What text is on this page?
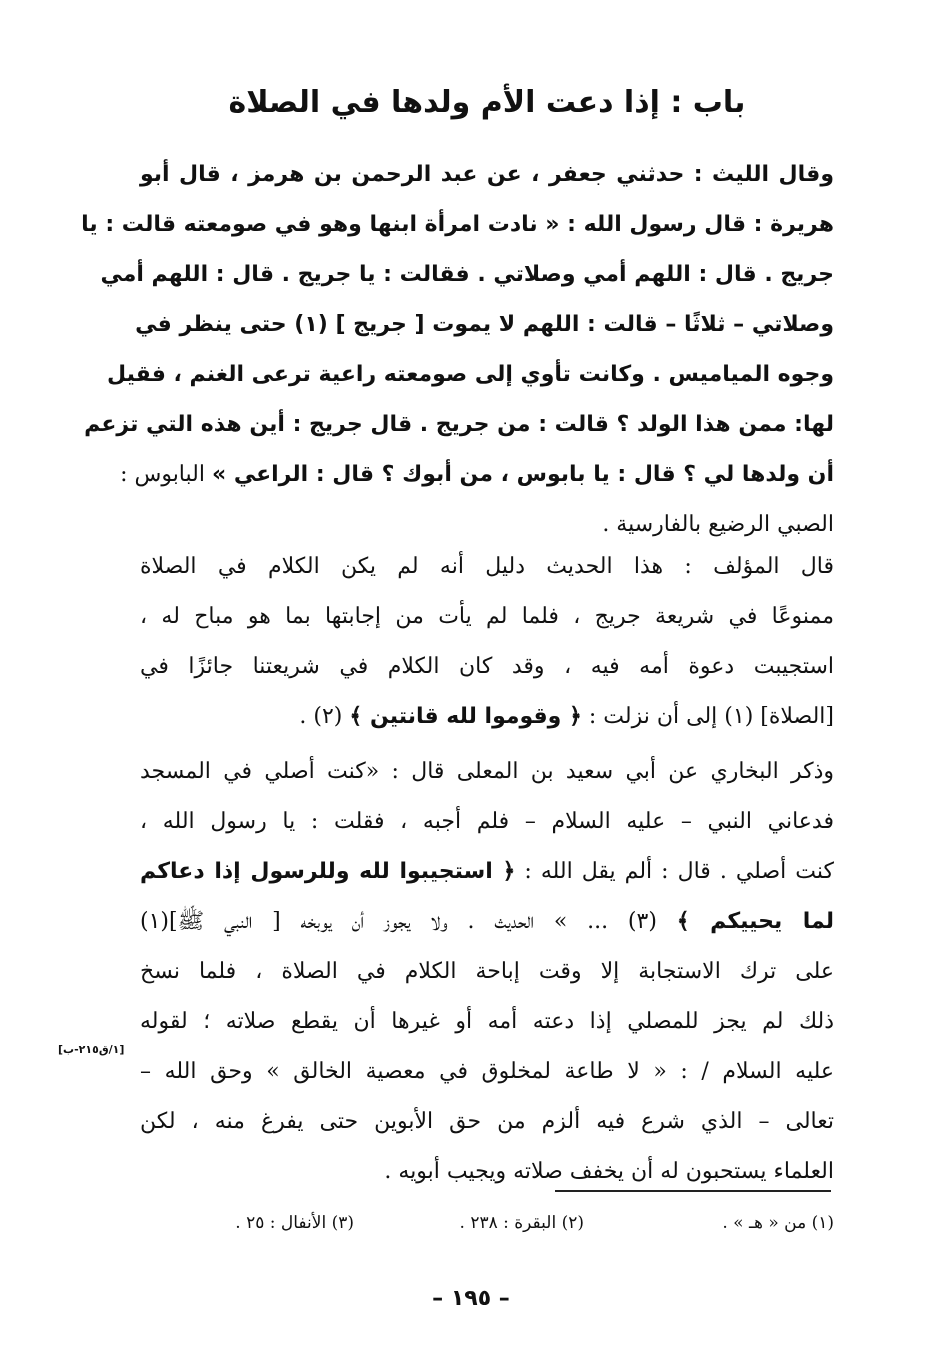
باب : إذا دعت الأم ولدها في الصلاة
وقال الليث : حدثني جعفر ، عن عبد الرحمن بن هرمز ، قال أبو
هريرة : قال رسول الله : « نادت امرأة ابنها وهو في صومعته قالت : يا
جريج . قال : اللهم أمي وصلاتي . فقالت : يا جريج . قال : اللهم أمي
وصلاتي – ثلاثًا – قالت : اللهم لا يموت [ جريج ] (١) حتى ينظر في
وجوه المياميس . وكانت تأوي إلى صومعته راعية ترعى الغنم ، فقيل
لها: ممن هذا الولد ؟ قالت : من جريج . قال جريج : أين هذه التي تزعم
أن ولدها لي ؟ قال : يا بابوس ، من أبوك ؟ قال : الراعي » البابوس :
الصبي الرضيع بالفارسية .
قال المؤلف : هذا الحديث دليل أنه لم يكن الكلام في الصلاة
ممنوعًا في شريعة جريج ، فلما لم يأت من إجابتها بما هو مباح له ،
استجيبت دعوة أمه فيه ، وقد كان الكلام في شريعتنا جائزًا في
[الصلاة] (١) إلى أن نزلت : ﴿ وقوموا لله قانتين ﴾ (٢) .
وذكر البخاري عن أبي سعيد بن المعلى قال : «كنت أصلي في المسجد
فدعاني النبي – عليه السلام – فلم أجبه ، فقلت : يا رسول الله ،
كنت أصلي . قال : ألم يقل الله : ﴿ استجيبوا لله وللرسول إذا دعاكم
لما يحييكم ﴾ (٣) ... » الحديث . ولا يجوز أن يوبخه [ النبي ﷺ](١)
على ترك الاستجابة إلا وقت إباحة الكلام في الصلاة ، فلما نسخ
ذلك لم يجز للمصلي إذا دعته أمه أو غيرها أن يقطع صلاته ؛ لقوله
عليه السلام / : « لا طاعة لمخلوق في معصية الخالق » وحق الله –
تعالى – الذي شرع فيه ألزم من حق الأبوين حتى يفرغ منه ، لكن
العلماء يستحبون له أن يخفف صلاته ويجيب أبويه .
[١/ق٢١٥-ب]
(١) من « هـ » .
(٢) البقرة : ٢٣٨ .
(٣) الأنفال : ٢٥ .
– ١٩٥ –
